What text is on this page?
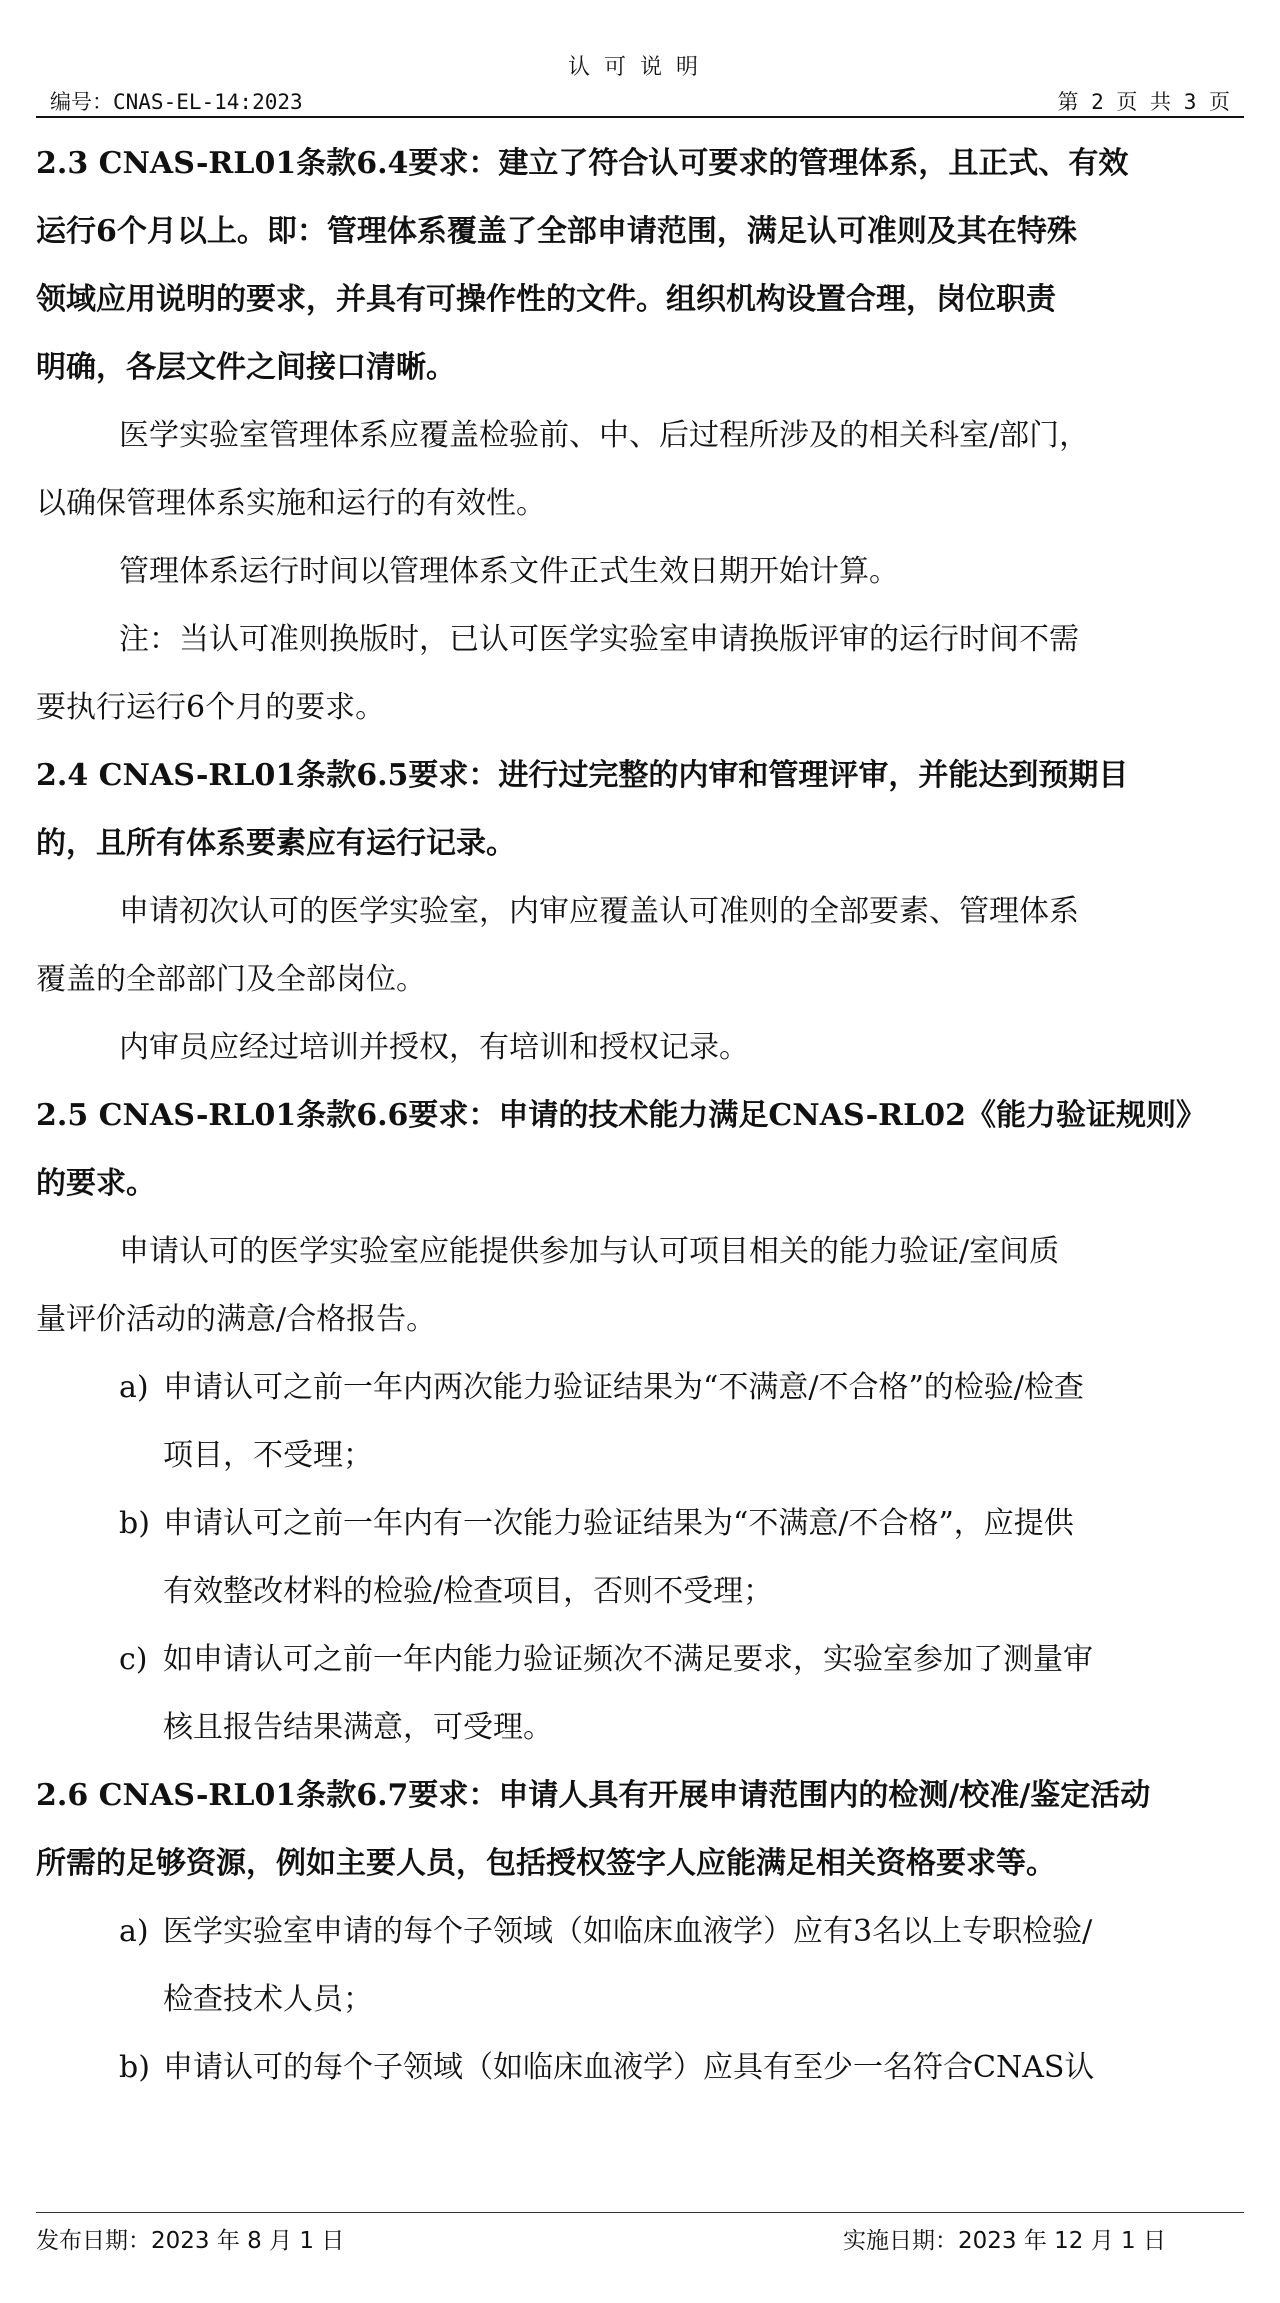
认可说明
编号：CNAS-EL-14:2023	第 2 页 共 3 页
2.3 CNAS-RL01条款6.4要求：建立了符合认可要求的管理体系，且正式、有效
运行6个月以上。即：管理体系覆盖了全部申请范围，满足认可准则及其在特殊
领域应用说明的要求，并具有可操作性的文件。组织机构设置合理，岗位职责
明确，各层文件之间接口清晰。
医学实验室管理体系应覆盖检验前、中、后过程所涉及的相关科室/部门，
以确保管理体系实施和运行的有效性。
管理体系运行时间以管理体系文件正式生效日期开始计算。
注：当认可准则换版时，已认可医学实验室申请换版评审的运行时间不需
要执行运行6个月的要求。
2.4 CNAS-RL01条款6.5要求：进行过完整的内审和管理评审，并能达到预期目
的，且所有体系要素应有运行记录。
申请初次认可的医学实验室，内审应覆盖认可准则的全部要素、管理体系
覆盖的全部部门及全部岗位。
内审员应经过培训并授权，有培训和授权记录。
2.5 CNAS-RL01条款6.6要求：申请的技术能力满足CNAS-RL02《能力验证规则》
的要求。
申请认可的医学实验室应能提供参加与认可项目相关的能力验证/室间质
量评价活动的满意/合格报告。
a) 申请认可之前一年内两次能力验证结果为“不满意/不合格”的检验/检查
项目，不受理；
b) 申请认可之前一年内有一次能力验证结果为“不满意/不合格”，应提供
有效整改材料的检验/检查项目，否则不受理；
c) 如申请认可之前一年内能力验证频次不满足要求，实验室参加了测量审
核且报告结果满意，可受理。
2.6 CNAS-RL01条款6.7要求：申请人具有开展申请范围内的检测/校准/鉴定活动
所需的足够资源，例如主要人员，包括授权签字人应能满足相关资格要求等。
a) 医学实验室申请的每个子领域（如临床血液学）应有3名以上专职检验/
检查技术人员；
b) 申请认可的每个子领域（如临床血液学）应具有至少一名符合CNAS认
发布日期：2023 年 8 月 1 日	实施日期：2023 年 12 月 1 日
